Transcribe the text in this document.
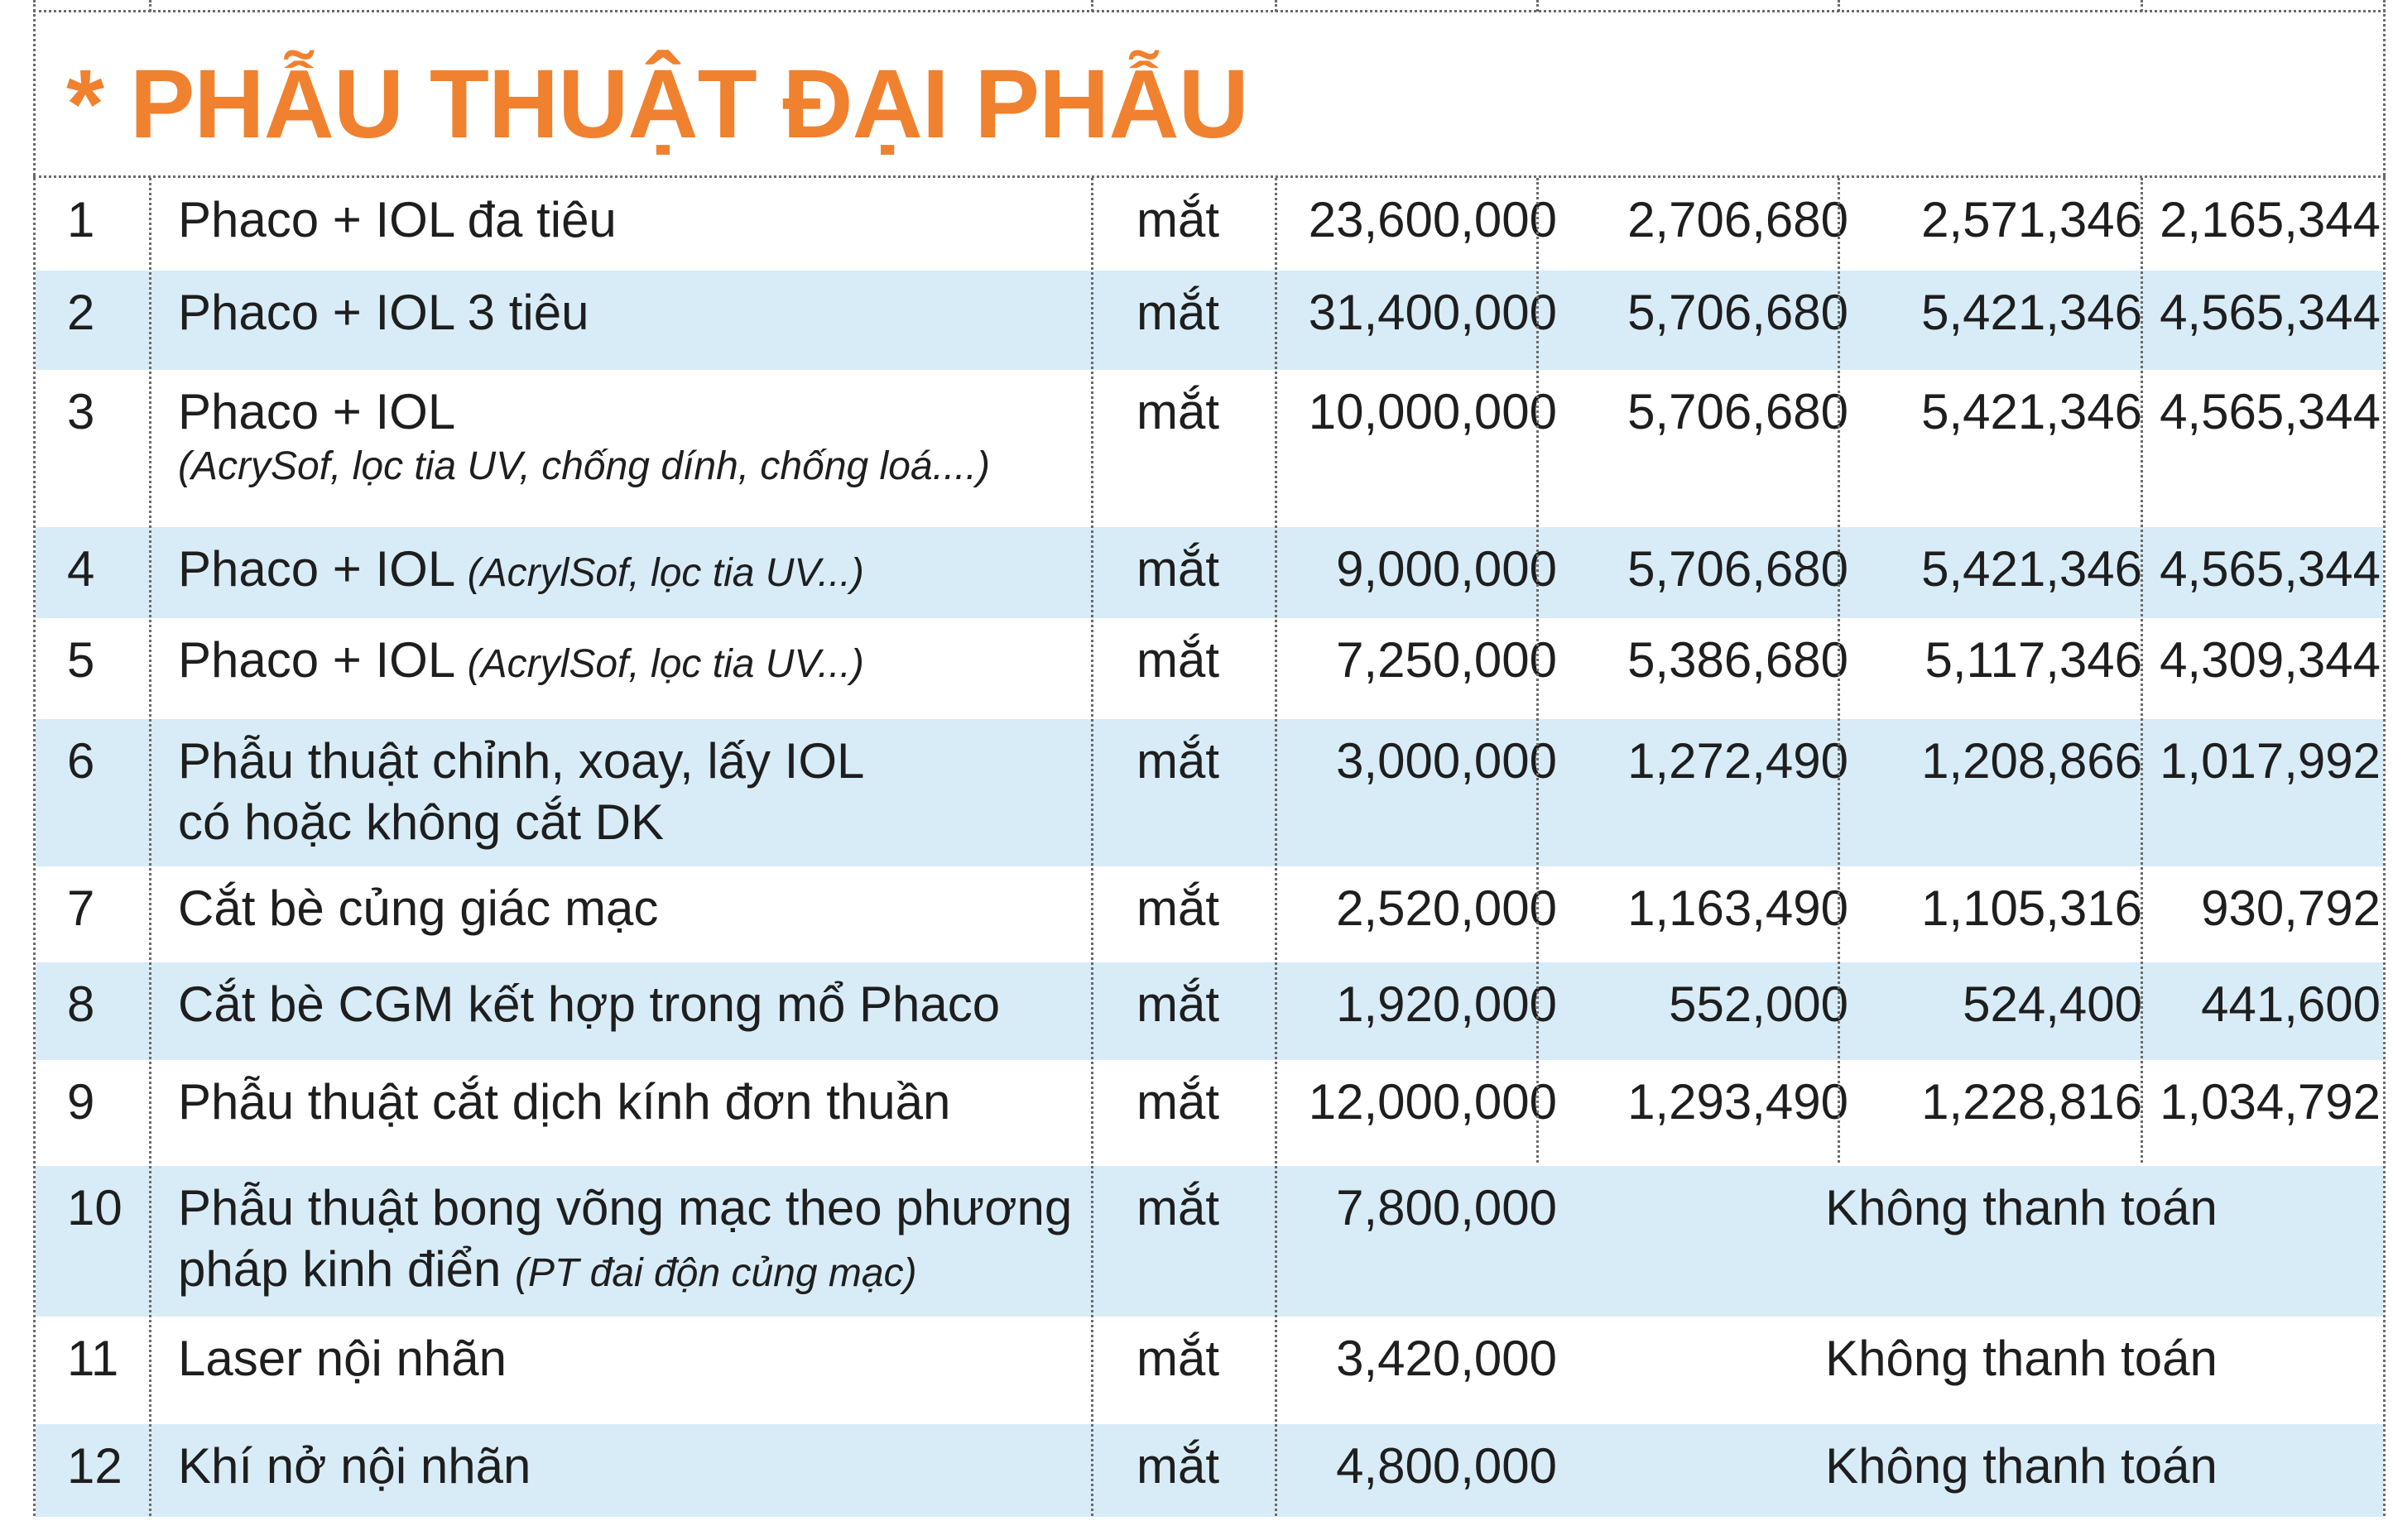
* PHẪU THUẬT ĐẠI PHẪU
1 Phaco + IOL đa tiêu	mắt	23,600,000	2,706,680	2,571,346 2,165,344
2 Phaco + IOL 3 tiêu	mắt	31,400,000	5,706,680	5,421,346 4,565,344
3 Phaco + IOL
(AcrySof, lọc tia UV, chống dính, chống loá....)
mắt	10,000,000	5,706,680	5,421,346 4,565,344
4 Phaco + IOL (AcrylSof, lọc tia UV...)	mắt	9,000,000	5,706,680	5,421,346 4,565,344
5 Phaco + IOL (AcrylSof, lọc tia UV...)	mắt	7,250,000	5,386,680	5,117,346 4,309,344
6 Phẫu thuật chỉnh, xoay, lấy IOL
có hoặc không cắt DK
mắt	3,000,000	1,272,490	1,208,866 1,017,992
7 Cắt bè củng giác mạc	mắt	2,520,000	1,163,490	1,105,316	930,792
8 Cắt bè CGM kết hợp trong mổ Phaco	mắt	1,920,000	552,000	524,400	441,600
9 Phẫu thuật cắt dịch kính đơn thuần	mắt	12,000,000	1,293,490	1,228,816 1,034,792
10 Phẫu thuật bong võng mạc theo phương
pháp kinh điển (PT đai độn củng mạc)
mắt	7,800,000	Không thanh toán
11 Laser nội nhãn	mắt	3,420,000	Không thanh toán
12 Khí nở nội nhãn	mắt	4,800,000	Không thanh toán
